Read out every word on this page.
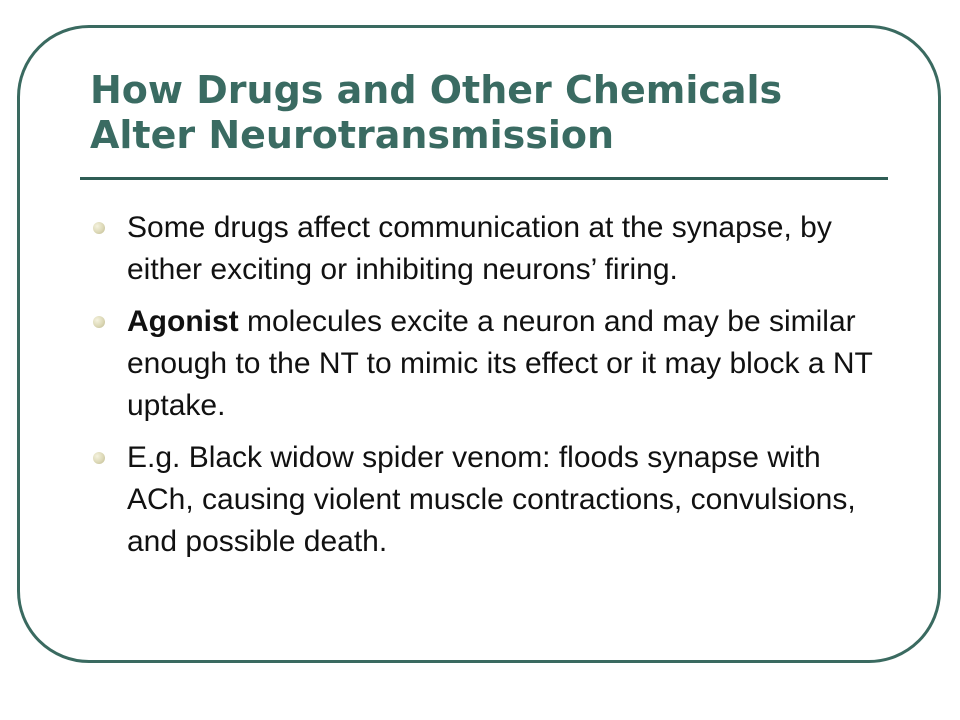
How Drugs and Other Chemicals
Alter Neurotransmission
Some drugs affect communication at the synapse, by either exciting or inhibiting neurons’ firing.
Agonist molecules excite a neuron and may be similar enough to the NT to mimic its effect or it may block a NT uptake.
E.g. Black widow spider venom: floods synapse with ACh, causing violent muscle contractions, convulsions, and possible death.
